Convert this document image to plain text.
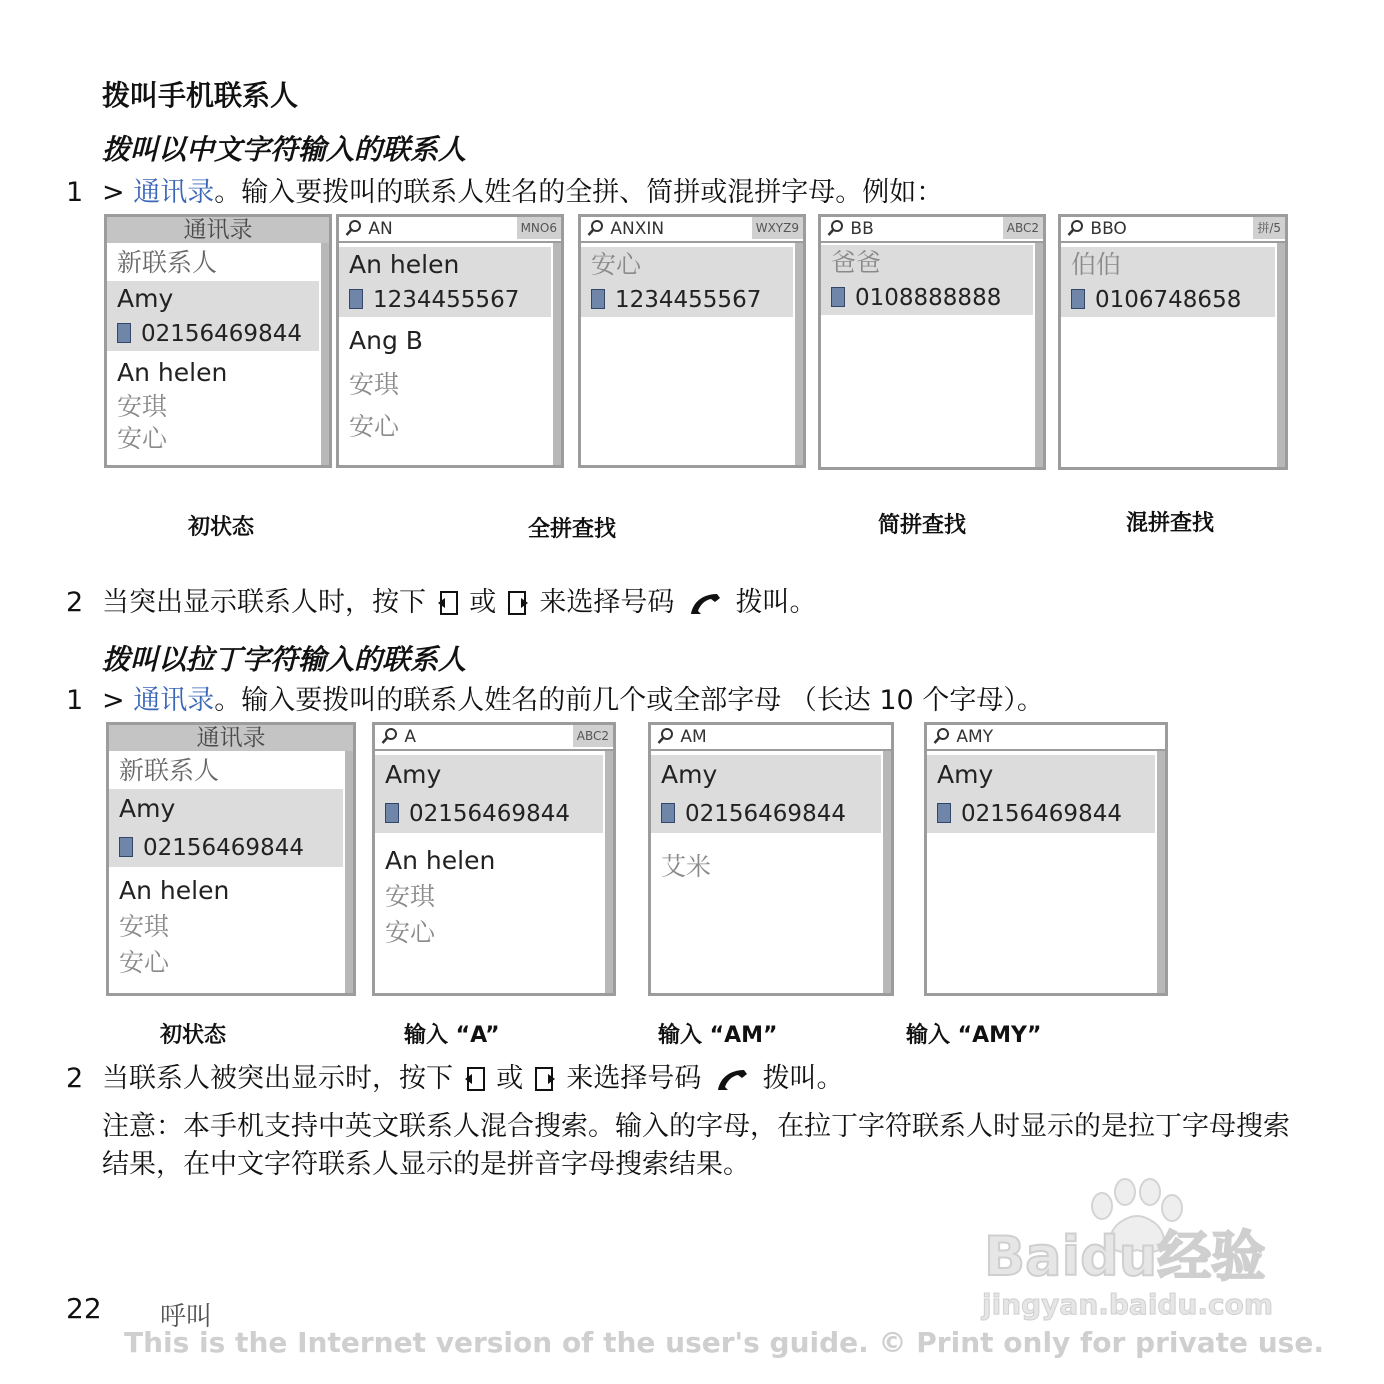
拨叫手机联系人
拨叫以中文字符输入的联系人
1 > 通讯录。输入要拨叫的联系人姓名的全拼、简拼或混拼字母。例如：
通讯录
新联系人
Amy
02156469844
An helen
安琪
安心
AN	MNO6
An helen
1234455567
Ang B
安琪
安心
ANXIN	WXYZ9
安心
1234455567
BB	ABC2
爸爸
0108888888
BBO	拼/5
伯伯
0106748658
初状态	全拼查找	简拼查找	混拼查找
2 当突出显示联系人时，按下 或 来选择号码 拨叫。
拨叫以拉丁字符输入的联系人
1 > 通讯录。输入要拨叫的联系人姓名的前几个或全部字母 （长达 10 个字母）。
通讯录
新联系人
Amy
02156469844
An helen
安琪
安心
A	ABC2
Amy
02156469844
An helen
安琪
安心
AM
Amy
02156469844
艾米
AMY
Amy
02156469844
初状态	输入 “A”	输入 “AM”	输入 “AMY”
2 当联系人被突出显示时，按下 或 来选择号码 拨叫。
注意：本手机支持中英文联系人混合搜索。输入的字母，在拉丁字符联系人时显示的是拉丁字母搜索结果，在中文字符联系人显示的是拼音字母搜索结果。
Baidu经验
jingyan.baidu.com
22 呼叫
This is the Internet version of the user's guide. © Print only for private use.
